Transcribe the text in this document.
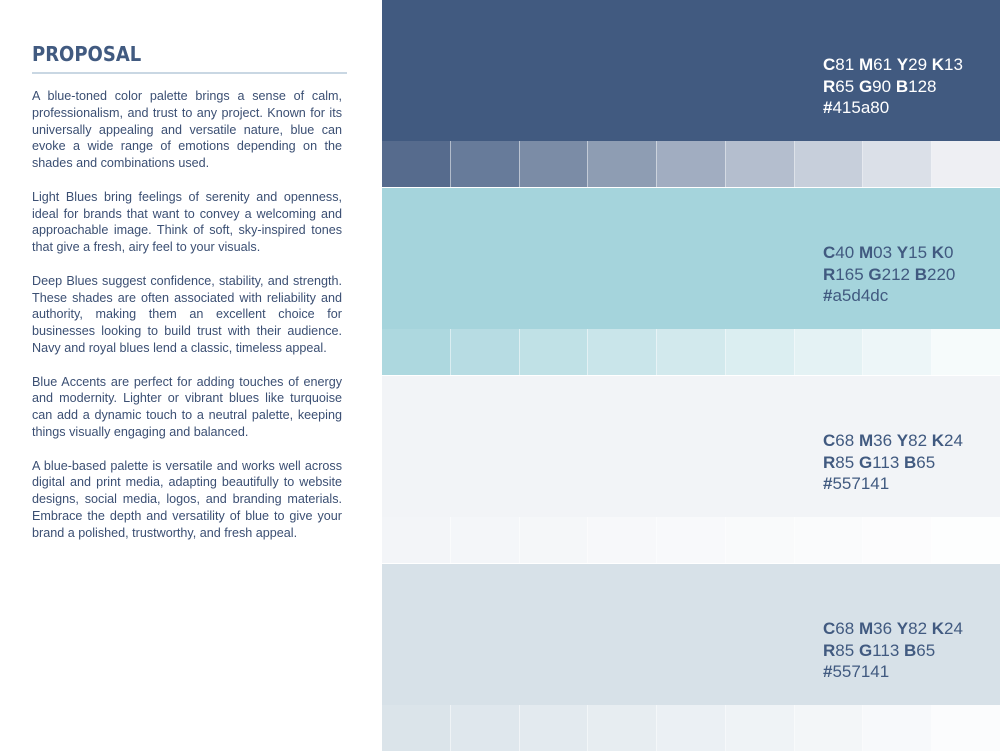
PROPOSAL

A blue-toned color palette brings a sense of calm, professionalism, and trust to any project. Known for its universally appealing and versatile nature, blue can evoke a wide range of emotions depending on the shades and combinations used.

Light Blues bring feelings of serenity and openness, ideal for brands that want to convey a welcoming and approachable image. Think of soft, sky-inspired tones that give a fresh, airy feel to your visuals.

Deep Blues suggest confidence, stability, and strength. These shades are often associated with reliability and authority, making them an excellent choice for businesses looking to build trust with their audience. Navy and royal blues lend a classic, timeless appeal.

Blue Accents are perfect for adding touches of energy and modernity. Lighter or vibrant blues like turquoise can add a dynamic touch to a neutral palette, keeping things visually engaging and balanced.

A blue-based palette is versatile and works well across digital and print media, adapting beautifully to website designs, social media, logos, and branding materials. Embrace the depth and versatility of blue to give your brand a polished, trustworthy, and fresh appeal.

C81 M61 Y29 K13
R65 G90 B128
#415a80
C40 M03 Y15 K0
R165 G212 B220
#a5d4dc
C68 M36 Y82 K24
R85 G113 B65
#557141
C68 M36 Y82 K24
R85 G113 B65
#557141
